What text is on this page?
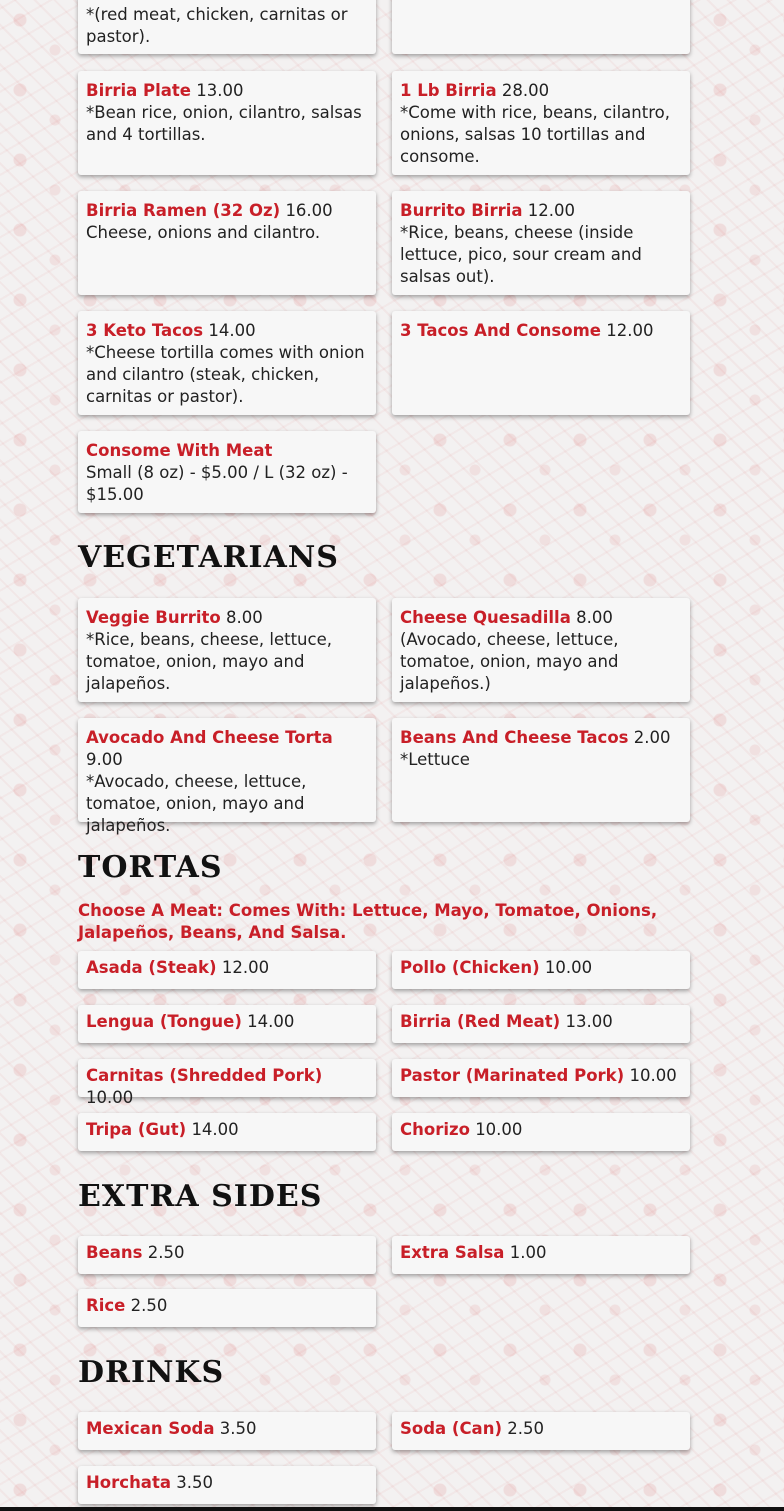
*(red meat, chicken, carnitas or pastor).
Birria Plate 13.00
*Bean rice, onion, cilantro, salsas and 4 tortillas.
1 Lb Birria 28.00
*Come with rice, beans, cilantro, onions, salsas 10 tortillas and consome.
Birria Ramen (32 Oz) 16.00
Cheese, onions and cilantro.
Burrito Birria 12.00
*Rice, beans, cheese (inside lettuce, pico, sour cream and salsas out).
3 Keto Tacos 14.00
*Cheese tortilla comes with onion and cilantro (steak, chicken, carnitas or pastor).
3 Tacos And Consome 12.00
Consome With Meat
Small (8 oz) - $5.00 / L (32 oz) - $15.00
VEGETARIANS
Veggie Burrito 8.00
*Rice, beans, cheese, lettuce, tomatoe, onion, mayo and jalapeños.
Cheese Quesadilla 8.00
(Avocado, cheese, lettuce, tomatoe, onion, mayo and jalapeños.)
Avocado And Cheese Torta 9.00
*Avocado, cheese, lettuce, tomatoe, onion, mayo and jalapeños.
Beans And Cheese Tacos 2.00
*Lettuce
TORTAS

Choose A Meat: Comes With: Lettuce, Mayo, Tomatoe, Onions, Jalapeños, Beans, And Salsa.

Asada (Steak) 12.00	Pollo (Chicken) 10.00
Lengua (Tongue) 14.00	Birria (Red Meat) 13.00
Carnitas (Shredded Pork) 10.00
Pastor (Marinated Pork) 10.00
Tripa (Gut) 14.00	Chorizo 10.00
EXTRA SIDES
Beans 2.50	Extra Salsa 1.00
Rice 2.50
DRINKS
Mexican Soda 3.50	Soda (Can) 2.50
Horchata 3.50
